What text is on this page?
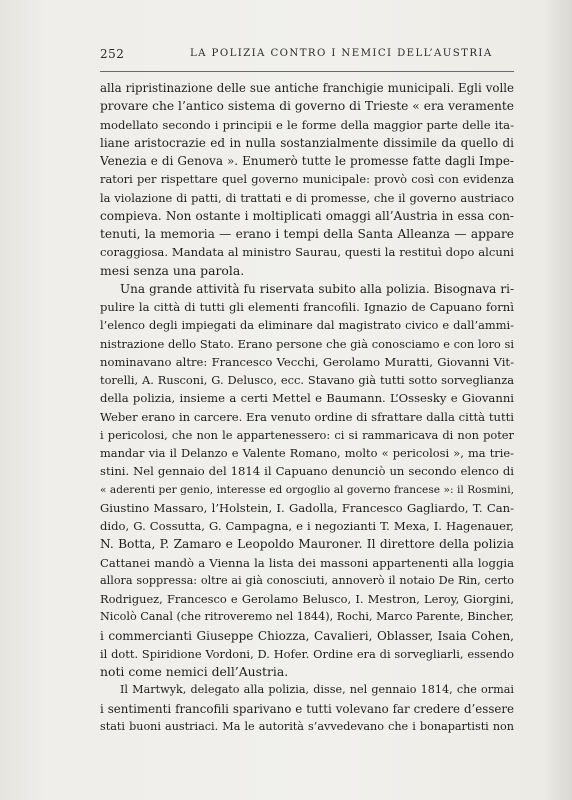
252	LA POLIZIA CONTRO I NEMICI DELL’AUSTRIA
alla ripristinazione delle sue antiche franchigie municipali. Egli volle
provare che l’antico sistema di governo di Trieste « era veramente
modellato secondo i principii e le forme della maggior parte delle ita-
liane aristocrazie ed in nulla sostanzialmente dissimile da quello di
Venezia e di Genova ». Enumerò tutte le promesse fatte dagli Impe-
ratori per rispettare quel governo municipale: provò così con evidenza
la violazione di patti, di trattati e di promesse, che il governo austriaco
compieva. Non ostante i moltiplicati omaggi all’Austria in essa con-
tenuti, la memoria — erano i tempi della Santa Alleanza — appare
coraggiosa. Mandata al ministro Saurau, questi la restituì dopo alcuni
mesi senza una parola.
Una grande attività fu riservata subito alla polizia. Bisognava ri-
pulire la città di tutti gli elementi francofili. Ignazio de Capuano fornì
l’elenco degli impiegati da eliminare dal magistrato civico e dall’ammi-
nistrazione dello Stato. Erano persone che già conosciamo e con loro si
nominavano altre: Francesco Vecchi, Gerolamo Muratti, Giovanni Vit-
torelli, A. Rusconi, G. Delusco, ecc. Stavano già tutti sotto sorveglianza
della polizia, insieme a certi Mettel e Baumann. L’Ossesky e Giovanni
Weber erano in carcere. Era venuto ordine di sfrattare dalla città tutti
i pericolosi, che non le appartenessero: ci si rammaricava di non poter
mandar via il Delanzo e Valente Romano, molto « pericolosi », ma trie-
stini. Nel gennaio del 1814 il Capuano denunciò un secondo elenco di
« aderenti per genio, interesse ed orgoglio al governo francese »: il Rosmini,
Giustino Massaro, l’Holstein, I. Gadolla, Francesco Gagliardo, T. Can-
dido, G. Cossutta, G. Campagna, e i negozianti T. Mexa, I. Hagenauer,
N. Botta, P. Zamaro e Leopoldo Mauroner. Il direttore della polizia
Cattanei mandò a Vienna la lista dei massoni appartenenti alla loggia
allora soppressa: oltre ai già conosciuti, annoverò il notaio De Rin, certo
Rodriguez, Francesco e Gerolamo Belusco, I. Mestron, Leroy, Giorgini,
Nicolò Canal (che ritroveremo nel 1844), Rochi, Marco Parente, Bincher,
i commercianti Giuseppe Chiozza, Cavalieri, Oblasser, Isaia Cohen,
il dott. Spiridione Vordoni, D. Hofer. Ordine era di sorvegliarli, essendo
noti come nemici dell’Austria.
Il Martwyk, delegato alla polizia, disse, nel gennaio 1814, che ormai
i sentimenti francofili sparivano e tutti volevano far credere d’essere
stati buoni austriaci. Ma le autorità s’avvedevano che i bonapartisti non
